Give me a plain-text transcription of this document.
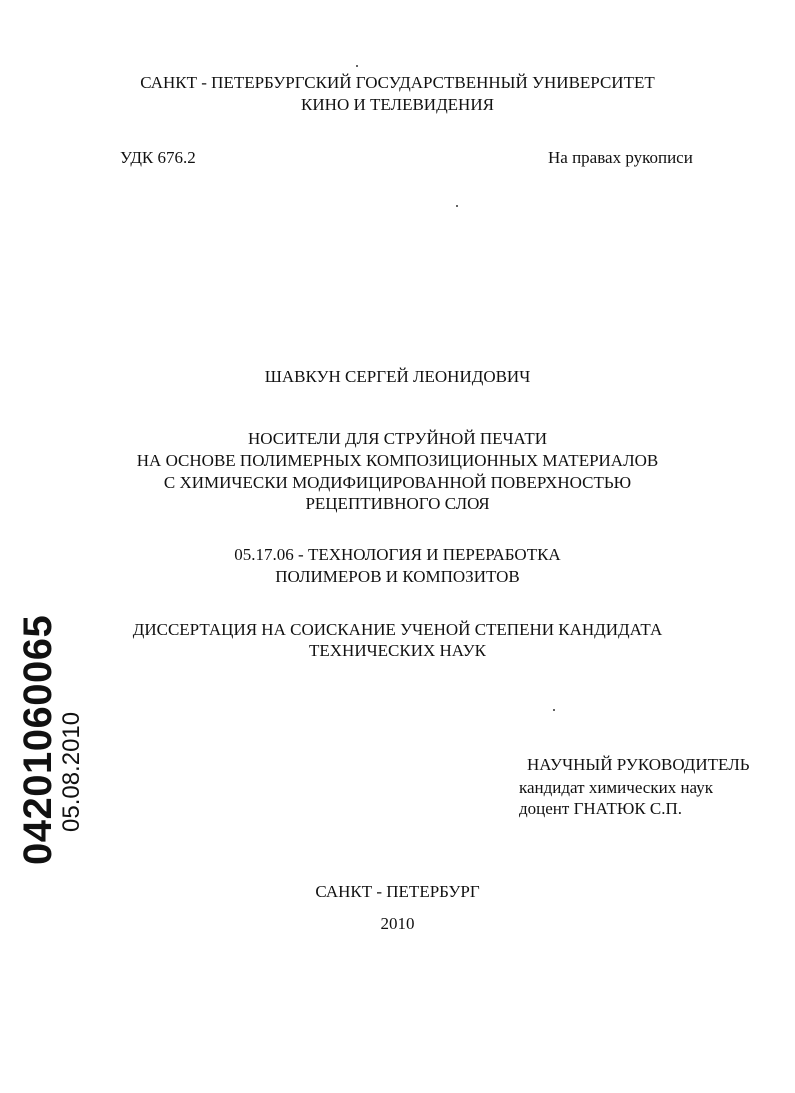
САНКТ - ПЕТЕРБУРГСКИЙ ГОСУДАРСТВЕННЫЙ УНИВЕРСИТЕТ
КИНО И ТЕЛЕВИДЕНИЯ
УДК 676.2	На правах рукописи
ШАВКУН СЕРГЕЙ ЛЕОНИДОВИЧ
НОСИТЕЛИ ДЛЯ СТРУЙНОЙ ПЕЧАТИ
НА ОСНОВЕ ПОЛИМЕРНЫХ КОМПОЗИЦИОННЫХ МАТЕРИАЛОВ
С ХИМИЧЕСКИ МОДИФИЦИРОВАННОЙ ПОВЕРХНОСТЬЮ
РЕЦЕПТИВНОГО СЛОЯ
05.17.06 - ТЕХНОЛОГИЯ И ПЕРЕРАБОТКА
ПОЛИМЕРОВ И КОМПОЗИТОВ
ДИССЕРТАЦИЯ НА СОИСКАНИЕ УЧЕНОЙ СТЕПЕНИ КАНДИДАТА
ТЕХНИЧЕСКИХ НАУК
НАУЧНЫЙ РУКОВОДИТЕЛЬ
кандидат химических наук
доцент ГНАТЮК С.П.
САНКТ - ПЕТЕРБУРГ
2010
04201060065
05.08.2010
